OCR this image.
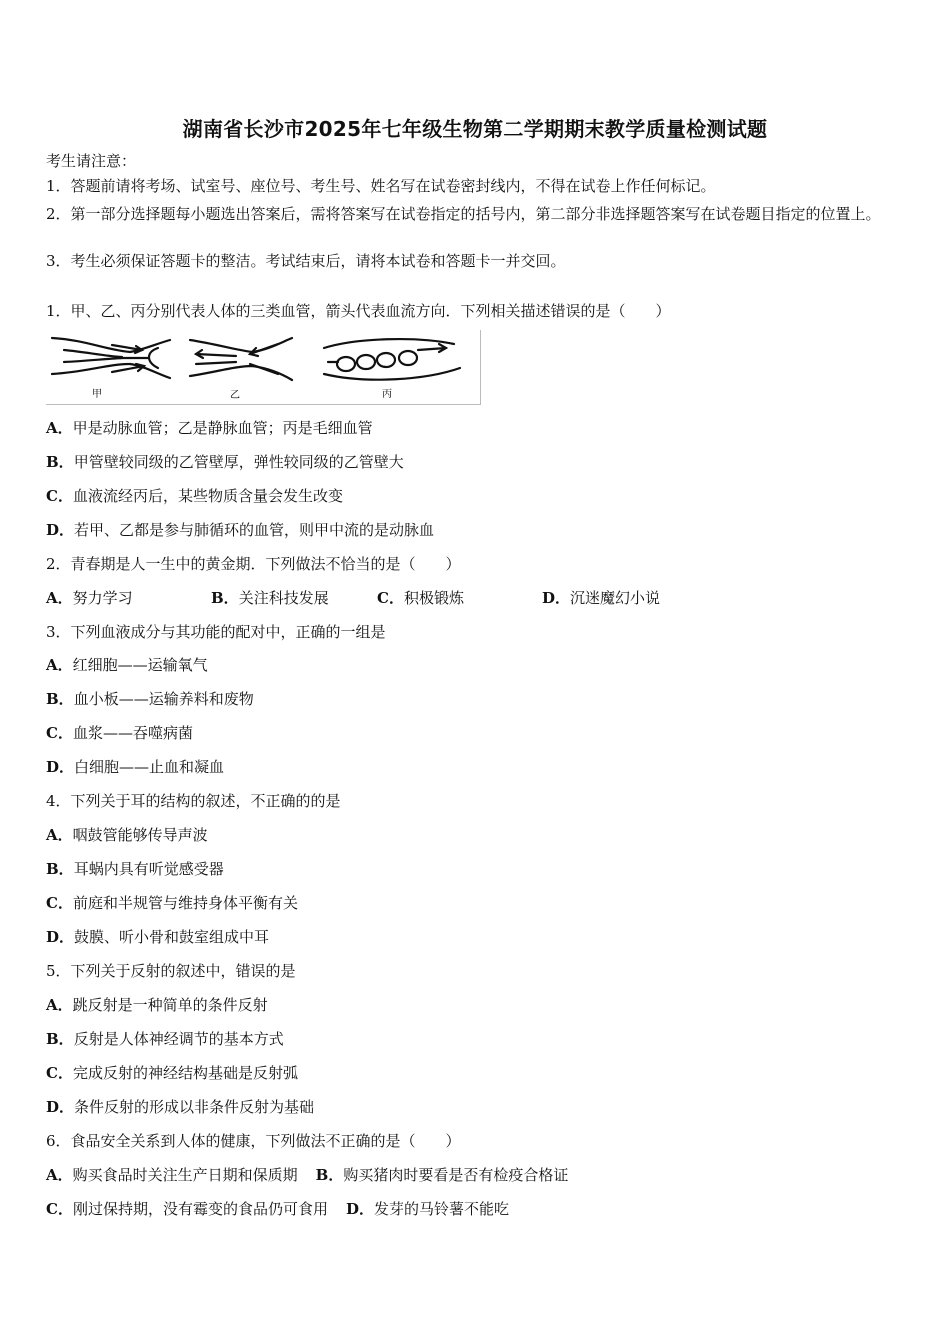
湖南省长沙市2025年七年级生物第二学期期末教学质量检测试题
考生请注意：
1．答题前请将考场、试室号、座位号、考生号、姓名写在试卷密封线内，不得在试卷上作任何标记。
2．第一部分选择题每小题选出答案后，需将答案写在试卷指定的括号内，第二部分非选择题答案写在试卷题目指定的位置上。
3．考生必须保证答题卡的整洁。考试结束后，请将本试卷和答题卡一并交回。
1．甲、乙、丙分别代表人体的三类血管，箭头代表血流方向．下列相关描述错误的是（　　）
甲	乙	丙
A．甲是动脉血管；乙是静脉血管；丙是毛细血管
B．甲管壁较同级的乙管壁厚，弹性较同级的乙管壁大
C．血液流经丙后，某些物质含量会发生改变
D．若甲、乙都是参与肺循环的血管，则甲中流的是动脉血
2．青春期是人一生中的黄金期．下列做法不恰当的是（　　）
A．努力学习	B．关注科技发展	C．积极锻炼	D．沉迷魔幻小说
3．下列血液成分与其功能的配对中，正确的一组是
A．红细胞——运输氧气
B．血小板——运输养料和废物
C．血浆——吞噬病菌
D．白细胞——止血和凝血
4．下列关于耳的结构的叙述，不正确的的是
A．咽鼓管能够传导声波
B．耳蜗内具有听觉感受器
C．前庭和半规管与维持身体平衡有关
D．鼓膜、听小骨和鼓室组成中耳
5．下列关于反射的叙述中，错误的是
A．跳反射是一种简单的条件反射
B．反射是人体神经调节的基本方式
C．完成反射的神经结构基础是反射弧
D．条件反射的形成以非条件反射为基础
6．食品安全关系到人体的健康，下列做法不正确的是（　　）
A．购买食品时关注生产日期和保质期 B．购买猪肉时要看是否有检疫合格证
C．刚过保持期，没有霉变的食品仍可食用 D．发芽的马铃薯不能吃
